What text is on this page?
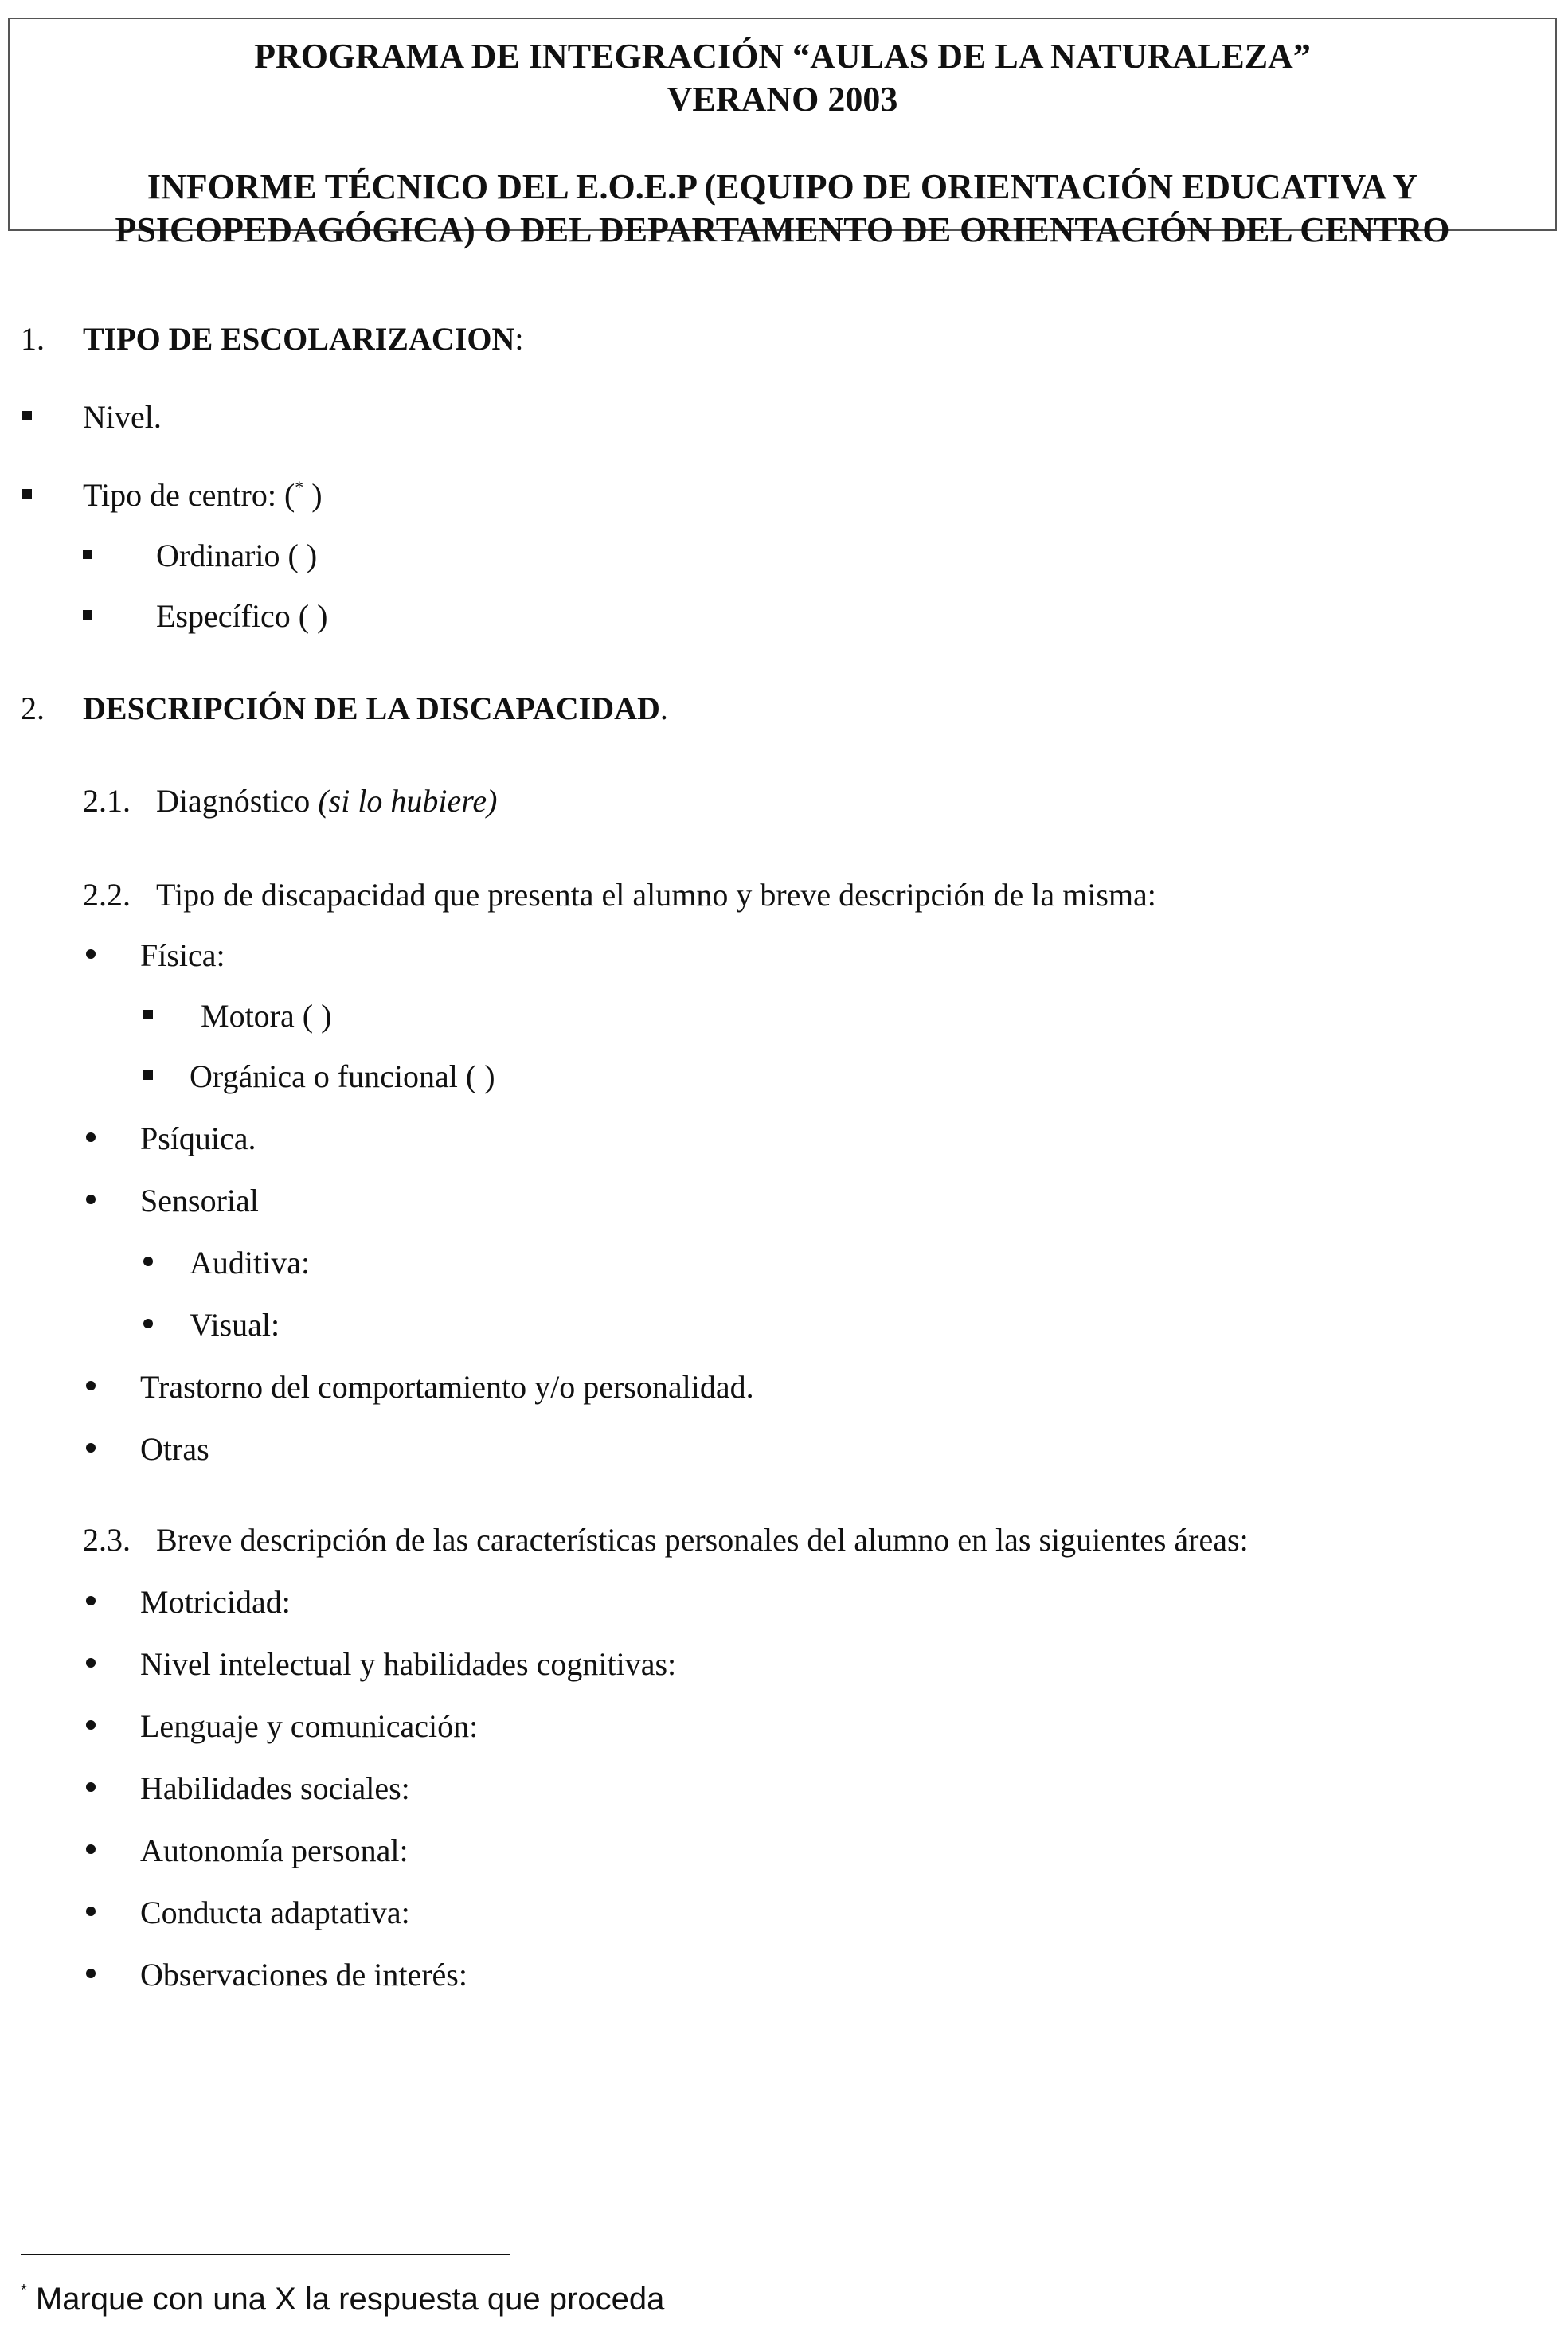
PROGRAMA DE INTEGRACIÓN “AULAS DE LA NATURALEZA”
VERANO 2003
INFORME TÉCNICO DEL E.O.E.P (EQUIPO DE ORIENTACIÓN EDUCATIVA Y
PSICOPEDAGÓGICA) O DEL DEPARTAMENTO DE ORIENTACIÓN DEL CENTRO
1. TIPO DE ESCOLARIZACION:
Nivel.
Tipo de centro: (* )
Ordinario ( )
Específico ( )
2. DESCRIPCIÓN DE LA DISCAPACIDAD.
2.1. Diagnóstico (si lo hubiere)
2.2. Tipo de discapacidad que presenta el alumno y breve descripción de la misma:
Física:
Motora ( )
Orgánica o funcional ( )
Psíquica.
Sensorial
Auditiva:
Visual:
Trastorno del comportamiento y/o personalidad.
Otras
2.3. Breve descripción de las características personales del alumno en las siguientes áreas:
Motricidad:
Nivel intelectual y habilidades cognitivas:
Lenguaje y comunicación:
Habilidades sociales:
Autonomía personal:
Conducta adaptativa:
Observaciones de interés:
* Marque con una X la respuesta que proceda
